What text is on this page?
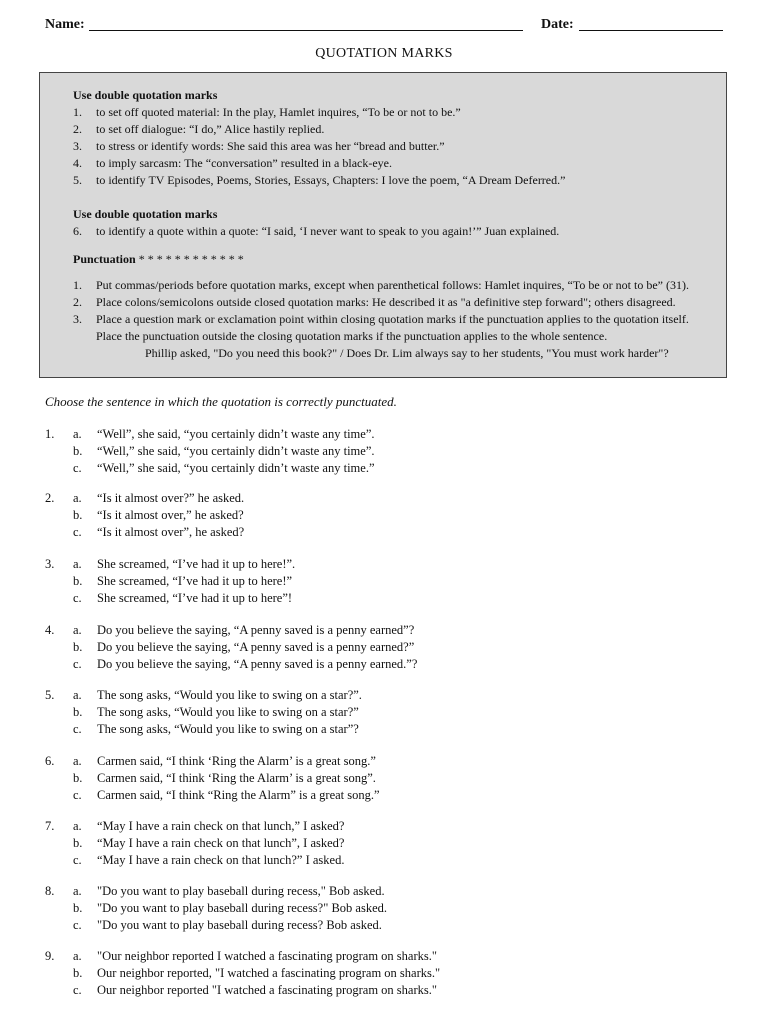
Name:	Date:
QUOTATION MARKS
Use double quotation marks
1. to set off quoted material: In the play, Hamlet inquires, “To be or not to be.”
2. to set off dialogue: “I do,” Alice hastily replied.
3. to stress or identify words: She said this area was her “bread and butter.”
4. to imply sarcasm: The “conversation” resulted in a black-eye.
5. to identify TV Episodes, Poems, Stories, Essays, Chapters: I love the poem, “A Dream Deferred.”
Use double quotation marks
6. to identify a quote within a quote: “I said, ‘I never want to speak to you again!’” Juan explained.
Punctuation * * * * * * * * * * * *
1. Put commas/periods before quotation marks, except when parenthetical follows: Hamlet inquires, “To be or not to be” (31).
2. Place colons/semicolons outside closed quotation marks: He described it as "a definitive step forward"; others disagreed.
3. Place a question mark or exclamation point within closing quotation marks if the punctuation applies to the quotation itself.
Place the punctuation outside the closing quotation marks if the punctuation applies to the whole sentence.
Phillip asked, "Do you need this book?" / Does Dr. Lim always say to her students, "You must work harder"?
Choose the sentence in which the quotation is correctly punctuated.
1. a. “Well”, she said, “you certainly didn’t waste any time”.
b. “Well,” she said, “you certainly didn’t waste any time”.
c. “Well,” she said, “you certainly didn’t waste any time.”
2. a. “Is it almost over?” he asked.
b. “Is it almost over,” he asked?
c. “Is it almost over”, he asked?
3. a. She screamed, “I’ve had it up to here!”.
b. She screamed, “I’ve had it up to here!”
c. She screamed, “I’ve had it up to here”!
4. a. Do you believe the saying, “A penny saved is a penny earned”?
b. Do you believe the saying, “A penny saved is a penny earned?”
c. Do you believe the saying, “A penny saved is a penny earned.”?
5. a. The song asks, “Would you like to swing on a star?”.
b. The song asks, “Would you like to swing on a star?”
c. The song asks, “Would you like to swing on a star”?
6. a. Carmen said, “I think ‘Ring the Alarm’ is a great song.”
b. Carmen said, “I think ‘Ring the Alarm’ is a great song”.
c. Carmen said, “I think “Ring the Alarm” is a great song.”
7. a. “May I have a rain check on that lunch,” I asked?
b. “May I have a rain check on that lunch”, I asked?
c. “May I have a rain check on that lunch?” I asked.
8. a. "Do you want to play baseball during recess," Bob asked.
b. "Do you want to play baseball during recess?" Bob asked.
c. "Do you want to play baseball during recess? Bob asked.
9. a. "Our neighbor reported I watched a fascinating program on sharks."
b. Our neighbor reported, "I watched a fascinating program on sharks."
c. Our neighbor reported "I watched a fascinating program on sharks."
